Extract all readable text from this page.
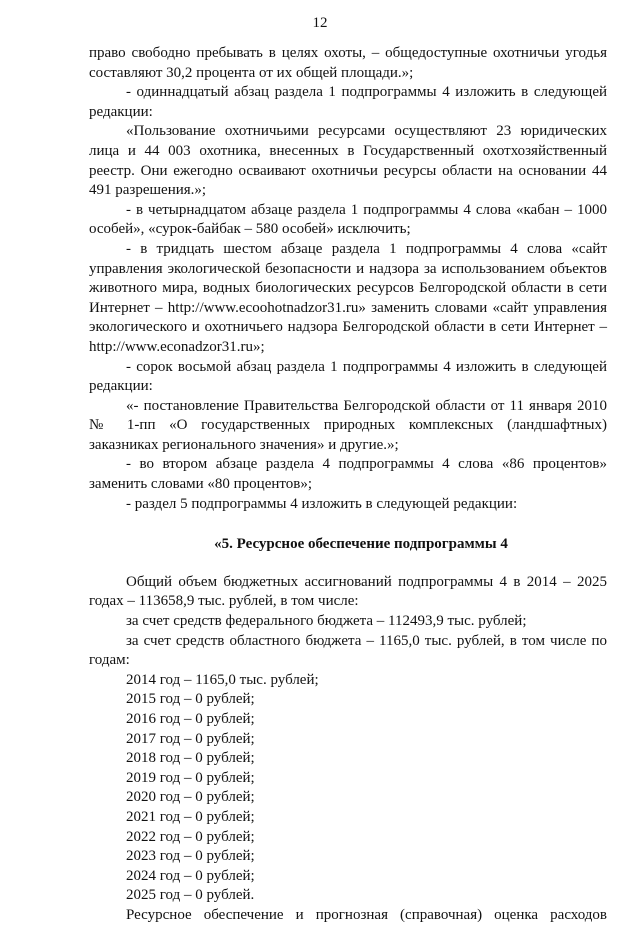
12

право свободно пребывать в целях охоты, – общедоступные охотничьи угодья составляют 30,2 процента от их общей площади.»;

- одиннадцатый абзац раздела 1 подпрограммы 4 изложить в следующей редакции:

«Пользование охотничьими ресурсами осуществляют 23 юридических лица и 44 003 охотника, внесенных в Государственный охотхозяйственный реестр. Они ежегодно осваивают охотничьи ресурсы области на основании 44 491 разрешения.»;

- в четырнадцатом абзаце раздела 1 подпрограммы 4 слова «кабан – 1000 особей», «сурок-байбак – 580 особей» исключить;

- в тридцать шестом абзаце раздела 1 подпрограммы 4 слова «сайт управления экологической безопасности и надзора за использованием объектов животного мира, водных биологических ресурсов Белгородской области в сети Интернет – http://www.ecoohotnadzor31.ru» заменить словами «сайт управления экологического и охотничьего надзора Белгородской области в сети Интернет – http://www.econadzor31.ru»;

- сорок восьмой абзац раздела 1 подпрограммы 4 изложить в следующей редакции:

«- постановление Правительства Белгородской области от 11 января 2010 № 1-пп «О государственных природных комплексных (ландшафтных) заказниках регионального значения» и другие.»;

- во втором абзаце раздела 4 подпрограммы 4 слова «86 процентов» заменить словами «80 процентов»;

- раздел 5 подпрограммы 4 изложить в следующей редакции:

«5. Ресурсное обеспечение подпрограммы 4

Общий объем бюджетных ассигнований подпрограммы 4 в 2014 – 2025 годах – 113658,9 тыс. рублей, в том числе:

за счет средств федерального бюджета – 112493,9 тыс. рублей;

за счет средств областного бюджета – 1165,0 тыс. рублей, в том числе по годам:

2014 год – 1165,0 тыс. рублей;
2015 год – 0 рублей;
2016 год – 0 рублей;
2017 год – 0 рублей;
2018 год – 0 рублей;
2019 год – 0 рублей;
2020 год – 0 рублей;
2021 год – 0 рублей;
2022 год – 0 рублей;
2023 год – 0 рублей;
2024 год – 0 рублей;
2025 год – 0 рублей.

Ресурсное обеспечение и прогнозная (справочная) оценка расходов
